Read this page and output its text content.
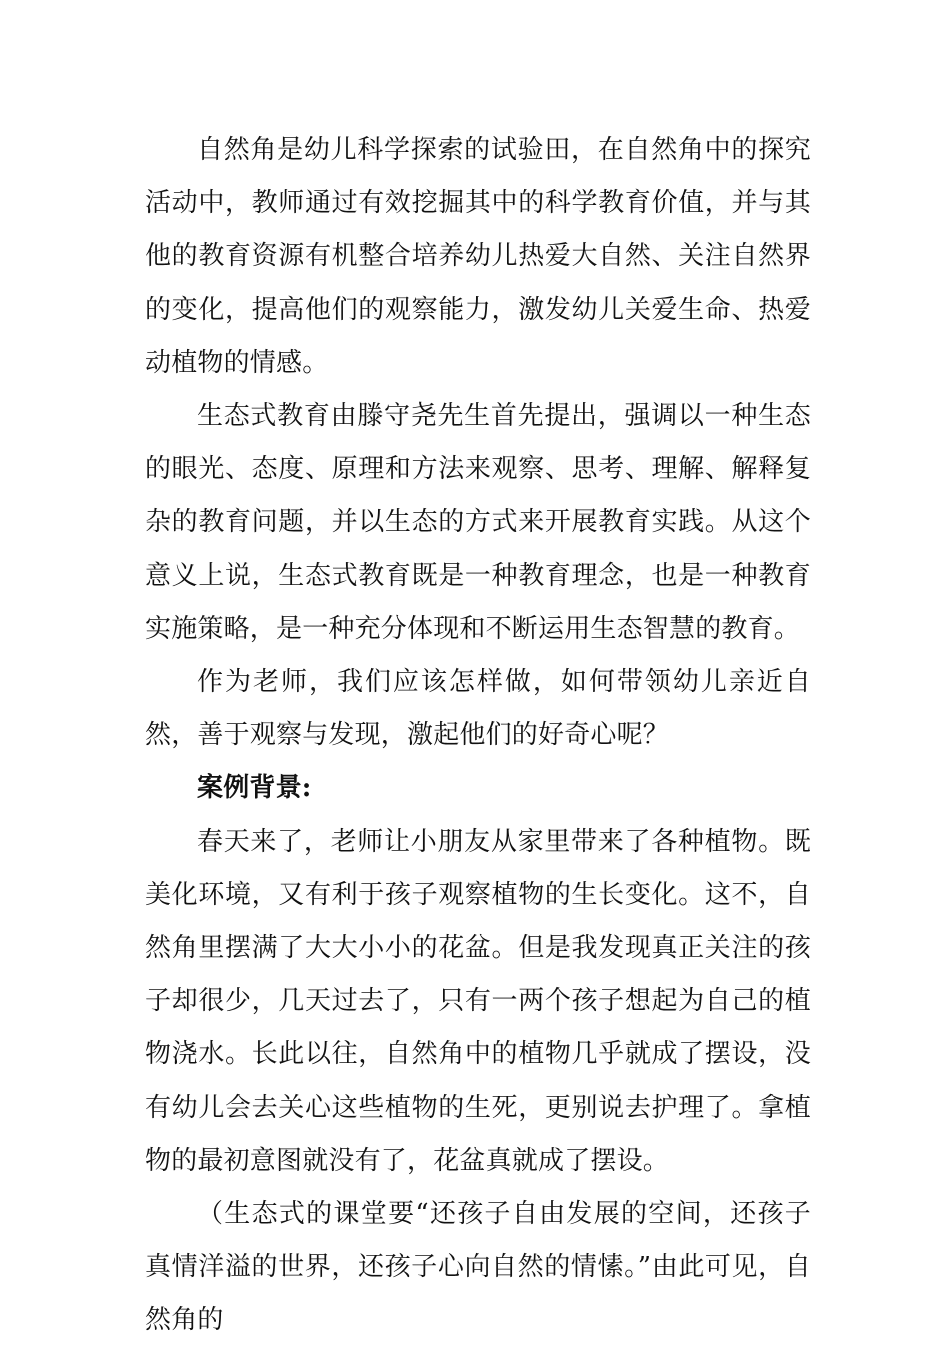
自然角是幼儿科学探索的试验田，在自然角中的探究活动中，教师通过有效挖掘其中的科学教育价值，并与其他的教育资源有机整合培养幼儿热爱大自然、关注自然界的变化，提高他们的观察能力，激发幼儿关爱生命、热爱动植物的情感。

生态式教育由滕守尧先生首先提出，强调以一种生态的眼光、态度、原理和方法来观察、思考、理解、解释复杂的教育问题，并以生态的方式来开展教育实践。从这个意义上说，生态式教育既是一种教育理念，也是一种教育实施策略，是一种充分体现和不断运用生态智慧的教育。

作为老师，我们应该怎样做，如何带领幼儿亲近自然，善于观察与发现，激起他们的好奇心呢？

案例背景:

春天来了，老师让小朋友从家里带来了各种植物。既美化环境，又有利于孩子观察植物的生长变化。这不，自然角里摆满了大大小小的花盆。但是我发现真正关注的孩子却很少，几天过去了，只有一两个孩子想起为自己的植物浇水。长此以往，自然角中的植物几乎就成了摆设，没有幼儿会去关心这些植物的生死，更别说去护理了。拿植物的最初意图就没有了，花盆真就成了摆设。

（生态式的课堂要“还孩子自由发展的空间，还孩子真情洋溢的世界，还孩子心向自然的情愫。”由此可见，自然角的
